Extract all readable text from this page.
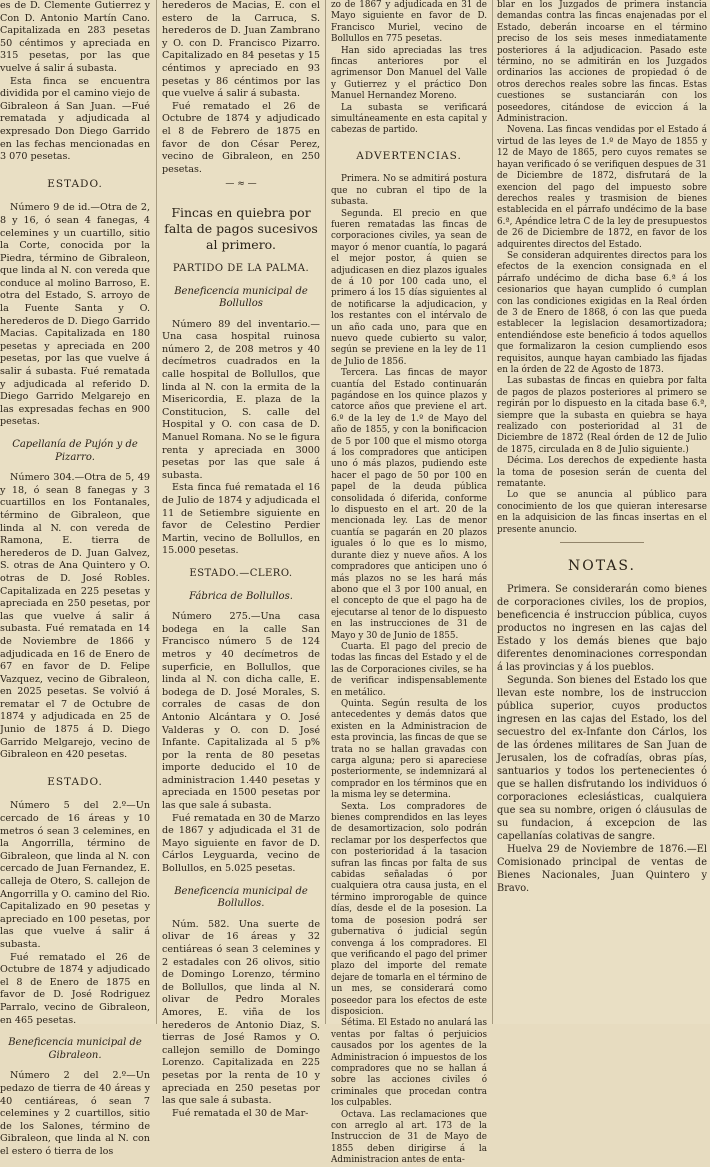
es de D. Clemente Gutierrez y Con D. Antonio Martín Cano. Capitalizada en 283 pesetas 50 céntimos y apreciada en 315 pesetas, por las que vuelve á salir á subasta.

Esta finca se encuentra dividida por el camino viejo de Gibraleon á San Juan. —Fué rematada y adjudicada al expresado Don Diego Garrido en las fechas mencionadas en 3 070 pesetas.

ESTADO.

Número 9 de id.—Otra de 2, 8 y 16, ó sean 4 fanegas, 4 celemines y un cuartillo, sitio la Corte, conocida por la Piedra, término de Gibraleon, que linda al N. con vereda que conduce al molino Barroso, E. otra del Estado, S. arroyo de la Fuente Santa y O. herederos de D. Diego Garrido Macias. Capitalizada en 180 pesetas y apreciada en 200 pesetas, por las que vuelve á salir á subasta. Fué rematada y adjudicada al referido D. Diego Garrido Melgarejo en las expresadas fechas en 900 pesetas.

Capellanía de Pujón y de Pizarro.

Número 304.—Otra de 5, 49 y 18, ó sean 8 fanegas y 3 cuartillos en los Fontanales, término de Gibraleon, que linda al N. con vereda de Ramona, E. tierra de herederos de D. Juan Galvez, S. otras de Ana Quintero y O. otras de D. José Robles. Capitalizada en 225 pesetas y apreciada en 250 pesetas, por las que vuelve á salir á subasta. Fué rematada en 14 de Noviembre de 1866 y adjudicada en 16 de Enero de 67 en favor de D. Felipe Vazquez, vecino de Gibraleon, en 2025 pesetas. Se volvió á rematar el 7 de Octubre de 1874 y adjudicada en 25 de Junio de 1875 á D. Diego Garrido Melgarejo, vecino de Gibraleon en 420 pesetas.

ESTADO.

Número 5 del 2.º—Un cercado de 16 áreas y 10 metros ó sean 3 celemines, en la Angorrilla, término de Gibraleon, que linda al N. con cercado de Juan Fernandez, E. calleja de Otero, S. callejon de Angorrilla y O. camino del Rio. Capitalizado en 90 pesetas y apreciado en 100 pesetas, por las que vuelve á salir á subasta.

Fué rematado el 26 de Octubre de 1874 y adjudicado el 8 de Enero de 1875 en favor de D. José Rodriguez Parralo, vecino de Gibraleon, en 465 pesetas.

Beneficencia municipal de Gibraleon.

Número 2 del 2.º—Un pedazo de tierra de 40 áreas y 40 centiáreas, ó sean 7 celemines y 2 cuartillos, sitio de los Salones, término de Gibraleon, que linda al N. con el estero ó tierra de los

herederos de Macias, E. con el estero de la Carruca, S. herederos de D. Juan Zambrano y O. con D. Francisco Pizarro. Capitalizado en 84 pesetas y 15 céntimos y apreciado en 93 pesetas y 86 céntimos por las que vuelve á salir á subasta.

Fué rematado el 26 de Octubre de 1874 y adjudicado el 8 de Febrero de 1875 en favor de don César Perez, vecino de Gibraleon, en 250 pesetas.

— ≈ —
Fincas en quiebra por falta de pagos sucesivos al primero.
PARTIDO DE LA PALMA.
Beneficencia municipal de Bollullos

Número 89 del inventario.—Una casa hospital ruinosa número 2, de 208 metros y 40 decímetros cuadrados en la calle hospital de Bollullos, que linda al N. con la ermita de la Misericordia, E. plaza de la Constitucion, S. calle del Hospital y O. con casa de D. Manuel Romana. No se le figura renta y apreciada en 3000 pesetas por las que sale á subasta.

Esta finca fué rematada el 16 de Julio de 1874 y adjudicada el 11 de Setiembre siguiente en favor de Celestino Perdier Martin, vecino de Bollullos, en 15.000 pesetas.

ESTADO.—CLERO.
Fábrica de Bollullos.

Número 275.—Una casa bodega en la calle San Francisco número 5 de 124 metros y 40 decímetros de superficie, en Bollullos, que linda al N. con dicha calle, E. bodega de D. José Morales, S. corrales de casas de don Antonio Alcántara y O. José Valderas y O. con D. José Infante. Capitalizada al 5 p% por la renta de 80 pesetas importe deducido el 10 de administracion 1.440 pesetas y apreciada en 1500 pesetas por las que sale á subasta.

Fué rematada en 30 de Marzo de 1867 y adjudicada el 31 de Mayo siguiente en favor de D. Cárlos Leyguarda, vecino de Bollullos, en 5.025 pesetas.

Beneficencia municipal de Bollullos.

Núm. 582. Una suerte de olivar de 16 áreas y 32 centiáreas ó sean 3 celemines y 2 estadales con 26 olivos, sitio de Domingo Lorenzo, término de Bollullos, que linda al N. olivar de Pedro Morales Amores, E. viña de los herederos de Antonio Diaz, S. tierras de José Ramos y O. callejon semillo de Domingo Lorenzo. Capitalizada en 225 pesetas por la renta de 10 y apreciada en 250 pesetas por las que sale á subasta.

Fué rematada el 30 de Mar-

zo de 1867 y adjudicada en 31 de Mayo siguiente en favor de D. Francisco Muriel, vecino de Bollullos en 775 pesetas.

Han sido apreciadas las tres fincas anteriores por el agrimensor Don Manuel del Valle y Gutierrez y el práctico Don Manuel Hernandez Moreno.

La subasta se verificará simultáneamente en esta capital y cabezas de partido.

ADVERTENCIAS.

Primera. No se admitirá postura que no cubran el tipo de la subasta.

Segunda. El precio en que fueren rematadas las fincas de corporaciones civiles, ya sean de mayor ó menor cuantía, lo pagará el mejor postor, á quien se adjudicasen en diez plazos iguales de á 10 por 100 cada uno, el primero á los 15 días siguientes al de notificarse la adjudicacion, y los restantes con el intérvalo de un año cada uno, para que en nuevo quede cubierto su valor, según se previene en la ley de 11 de Julio de 1856.

Tercera. Las fincas de mayor cuantía del Estado continuarán pagándose en los quince plazos y catorce años que previene el art. 6.º de la ley de 1.º de Mayo del año de 1855, y con la bonificacion de 5 por 100 que el mismo otorga á los compradores que anticipen uno ó más plazos, pudiendo este hacer el pago de 50 por 100 en papel de la deuda pública consolidada ó diferida, conforme lo dispuesto en el art. 20 de la mencionada ley. Las de menor cuantía se pagarán en 20 plazos iguales ó lo que es lo mismo, durante diez y nueve años. A los compradores que anticipen uno ó más plazos no se les hará más abono que el 3 por 100 anual, en el concepto de que el pago ha de ejecutarse al tenor de lo dispuesto en las instrucciones de 31 de Mayo y 30 de Junio de 1855.

Cuarta. El pago del precio de todas las fincas del Estado y el de las de Corporaciones civiles, se ha de verificar indispensablemente en metálico.

Quinta. Según resulta de los antecedentes y demás datos que existen en la Administracion de esta provincia, las fincas de que se trata no se hallan gravadas con carga alguna; pero si apareciese posteriormente, se indemnizará al comprador en los términos que en la misma ley se determina.

Sexta. Los compradores de bienes comprendidos en las leyes de desamortizacion, solo podrán reclamar por los desperfectos que con posterioridad á la tasacion sufran las fincas por falta de sus cabidas señaladas ó por cualquiera otra causa justa, en el término improrogable de quince días, desde el de la posesion. La toma de posesion podrá ser gubernativa ó judicial según convenga á los compradores. El que verificando el pago del primer plazo del importe del remate dejare de tomarla en el término de un mes, se considerará como poseedor para los efectos de este disposicion.

Sétima. El Estado no anulará las ventas por faltas ó perjuicios causados por los agentes de la Administracion ó impuestos de los compradores que no se hallan á sobre las acciones civiles ó criminales que procedan contra los culpables.

Octava. Las reclamaciones que con arreglo al art. 173 de la Instruccion de 31 de Mayo de 1855 deben dirigirse á la Administracion antes de enta-

blar en los Juzgados de primera instancia demandas contra las fincas enajenadas por el Estado, deberán incoarse en el término preciso de los seis meses inmediatamente posteriores á la adjudicacion. Pasado este término, no se admitirán en los Juzgados ordinarios las acciones de propiedad ó de otros derechos reales sobre las fincas. Estas cuestiones se sustanciarán con los poseedores, citándose de eviccion á la Administracion.

Novena. Las fincas vendidas por el Estado á virtud de las leyes de 1.º de Mayo de 1855 y 12 de Mayo de 1865, pero cuyos remates se hayan verificado ó se verifiquen despues de 31 de Diciembre de 1872, disfrutará de la exencion del pago del impuesto sobre derechos reales y trasmision de bienes establecida en el párrafo undécimo de la base 6.ª, Apéndice letra C de la ley de presupuestos de 26 de Diciembre de 1872, en favor de los adquirentes directos del Estado.

Se consideran adquirentes directos para los efectos de la exencion consignada en el párrafo undécimo de dicha base 6.ª á los cesionarios que hayan cumplido ó cumplan con las condiciones exigidas en la Real órden de 3 de Enero de 1868, ó con las que pueda establecer la legislacion desamortizadora; entendiéndose este beneficio á todos aquellos que formalizaron la cesion cumpliendo esos requisitos, aunque hayan cambiado las fijadas en la órden de 22 de Agosto de 1873.

Las subastas de fincas en quiebra por falta de pagos de plazos posteriores al primero se regirán por lo dispuesto en la citada base 6.ª, siempre que la subasta en quiebra se haya realizado con posterioridad al 31 de Diciembre de 1872 (Real órden de 12 de Julio de 1875, circulada en 8 de Julio siguiente.)

Décima. Los derechos de expediente hasta la toma de posesion serán de cuenta del rematante.

Lo que se anuncia al público para conocimiento de los que quieran interesarse en la adquisicion de las fincas insertas en el presente anuncio.

NOTAS.

Primera. Se considerarán como bienes de corporaciones civiles, los de propios, beneficencia é instruccion pública, cuyos productos no ingresen en las cajas del Estado y los demás bienes que bajo diferentes denominaciones correspondan á las provincias y á los pueblos.

Segunda. Son bienes del Estado los que llevan este nombre, los de instruccion pública superior, cuyos productos ingresen en las cajas del Estado, los del secuestro del ex-Infante don Cárlos, los de las órdenes militares de San Juan de Jerusalen, los de cofradías, obras pías, santuarios y todos los pertenecientes ó que se hallen disfrutando los individuos ó corporaciones eclesiásticas, cualquiera que sea su nombre, origen ó cláusulas de su fundacion, á excepcion de las capellanías colativas de sangre.

Huelva 29 de Noviembre de 1876.—El Comisionado principal de ventas de Bienes Nacionales, Juan Quintero y Bravo.
